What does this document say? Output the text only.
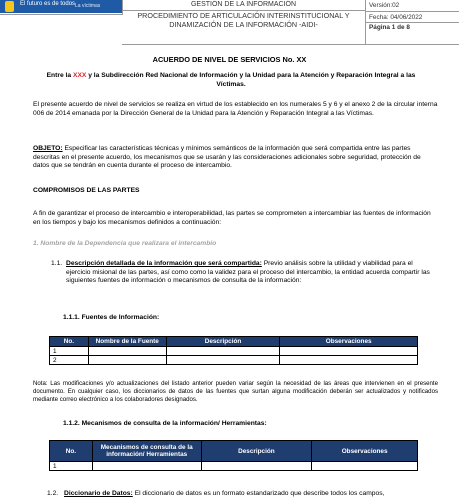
El futuro es de todos La víctimas	GESTIÓN DE LA INFORMACIÓN
PROCEDIMIENTO DE ARTICULACIÓN INTERINSTITUCIONAL Y DINAMIZACIÓN DE LA INFORMACIÓN -AIDI-
Versión:02
Fecha: 04/06/2022
Página 1 de 8
ACUERDO DE NIVEL DE SERVICIOS No. XX
Entre la XXX y la Subdirección Red Nacional de Información y la Unidad para la Atención y Reparación Integral a las Víctimas.
El presente acuerdo de nivel de servicios se realiza en virtud de los establecido en los numerales 5 y 6 y el anexo 2 de la circular interna 006 de 2014 emanada por la Dirección General de la Unidad para la Atención y Reparación Integral a las Víctimas.
OBJETO: Especificar las características técnicas y mínimos semánticos de la información que será compartida entre las partes descritas en el presente acuerdo, los mecanismos que se usarán y las consideraciones adicionales sobre seguridad, protección de datos que se tendrán en cuenta durante el proceso de intercambio.
COMPROMISOS DE LAS PARTES
A fin de garantizar el proceso de intercambio e interoperabilidad, las partes se comprometen a intercambiar las fuentes de información en los tiempos y bajo los mecanismos definidos a continuación:
1. Nombre de la Dependencia que realizara el intercambio
1.1. Descripción detallada de la información que será compartida: Previo análisis sobre la utilidad y viabilidad para el ejercicio misional de las partes, así como como la validez para el proceso del intercambio, la entidad acuerda compartir las siguientes fuentes de información o mecanismos de consulta de la información:
1.1.1. Fuentes de Información:
No.	Nombre de la Fuente	Descripción	Observaciones
1			
2			
Nota: Las modificaciones y/o actualizaciones del listado anterior pueden variar según la necesidad de las áreas que intervienen en el presente documento. En cualquier caso, los diccionarios de datos de las fuentes que surtan alguna modificación deberán ser actualizados y notificados mediante correo electrónico a los colaboradores designados.
1.1.2. Mecanismos de consulta de la información/ Herramientas:
No.	Mecanismos de consulta de la información/ Herramientas	Descripción	Observaciones
1			
1.2. Diccionario de Datos: El diccionario de datos es un formato estandarizado que describe todos los campos,
